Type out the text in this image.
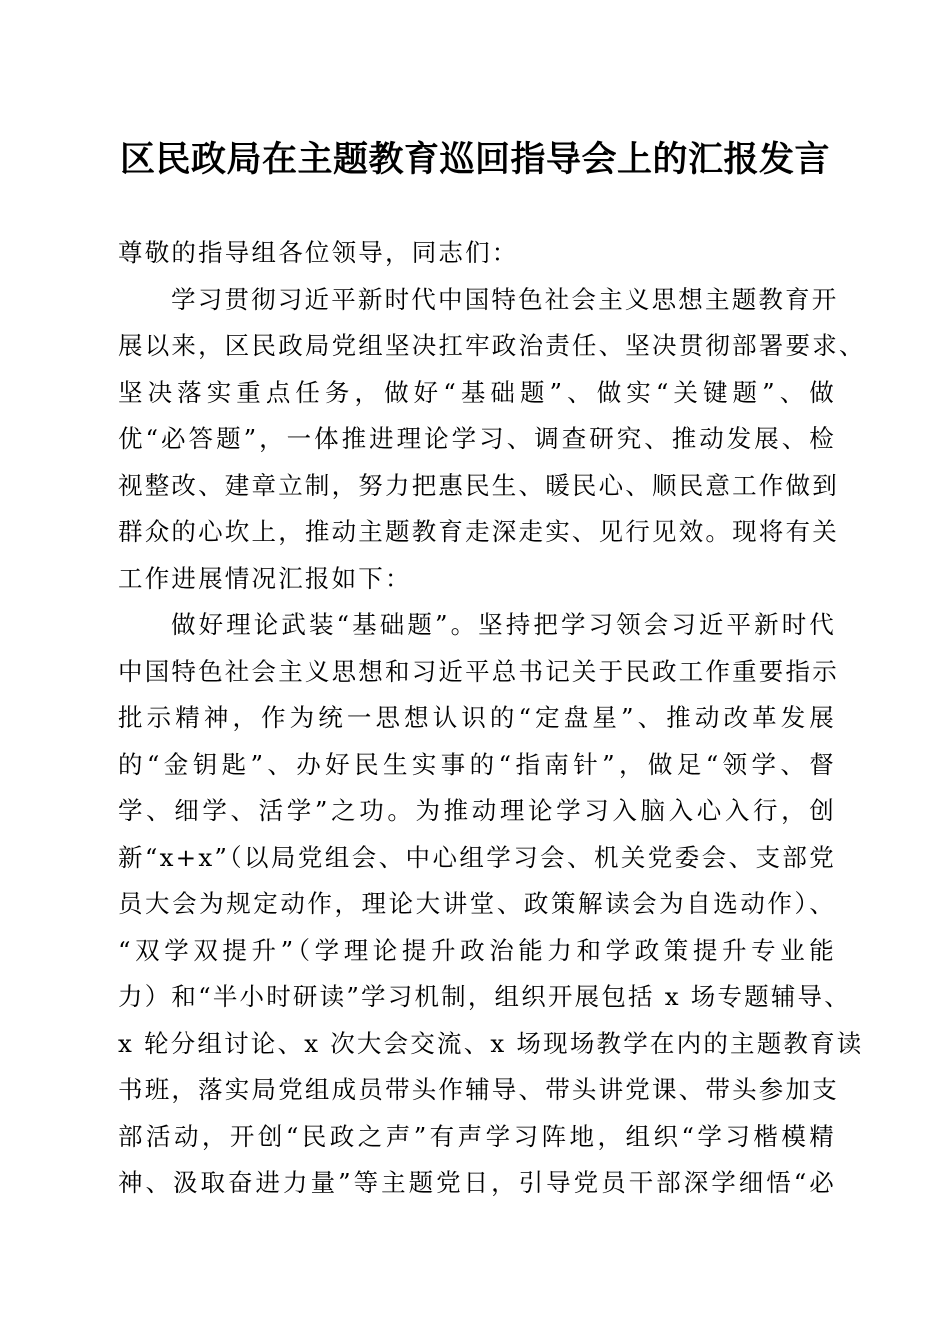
区民政局在主题教育巡回指导会上的汇报发言

尊敬的指导组各位领导，同志们：

学习贯彻习近平新时代中国特色社会主义思想主题教育开
展以来，区民政局党组坚决扛牢政治责任、坚决贯彻部署要求、
坚决落实重点任务，做好“基础题”、做实“关键题”、做
优“必答题”，一体推进理论学习、调查研究、推动发展、检
视整改、建章立制，努力把惠民生、暖民心、顺民意工作做到
群众的心坎上，推动主题教育走深走实、见行见效。现将有关
工作进展情况汇报如下：

做好理论武装“基础题”。坚持把学习领会习近平新时代
中国特色社会主义思想和习近平总书记关于民政工作重要指示
批示精神，作为统一思想认识的“定盘星”、推动改革发展
的“金钥匙”、办好民生实事的“指南针”，做足“领学、督
学、细学、活学”之功。为推动理论学习入脑入心入行，创
新“x+x”（以局党组会、中心组学习会、机关党委会、支部党
员大会为规定动作，理论大讲堂、政策解读会为自选动作）、
“双学双提升”（学理论提升政治能力和学政策提升专业能
力）和“半小时研读”学习机制，组织开展包括 x 场专题辅导、
x 轮分组讨论、x 次大会交流、x 场现场教学在内的主题教育读
书班，落实局党组成员带头作辅导、带头讲党课、带头参加支
部活动，开创“民政之声”有声学习阵地，组织“学习楷模精
神、汲取奋进力量”等主题党日，引导党员干部深学细悟“必
